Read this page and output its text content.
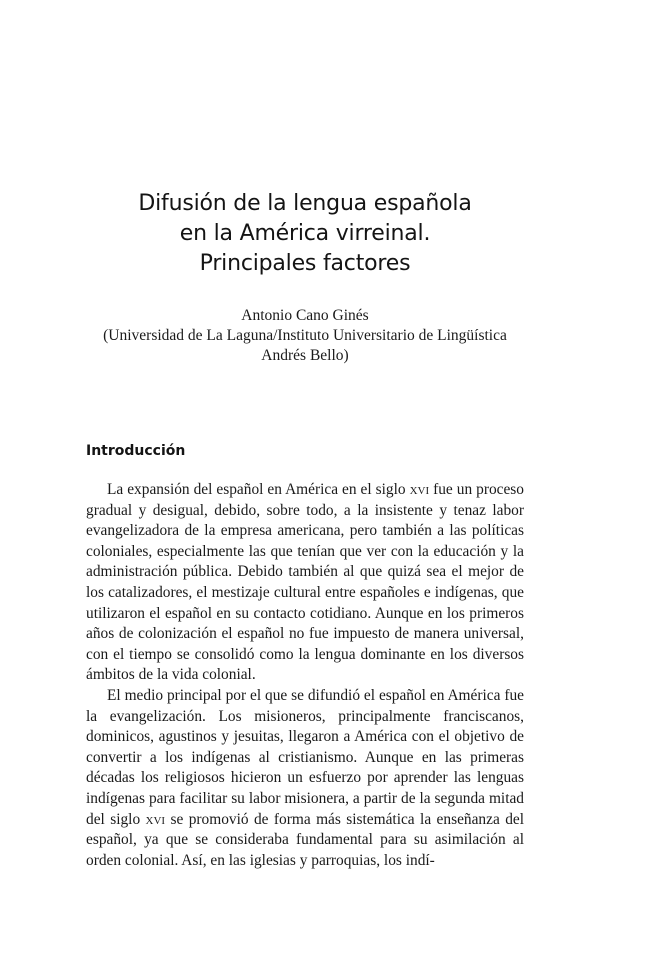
Difusión de la lengua española
en la América virreinal.
Principales factores
Antonio Cano Ginés
(Universidad de La Laguna/Instituto Universitario de Lingüística
Andrés Bello)
Introducción

La expansión del español en América en el siglo xvi fue un proceso gradual y desigual, debido, sobre todo, a la insistente y tenaz labor evangelizadora de la empresa americana, pero también a las políticas coloniales, especialmente las que tenían que ver con la educación y la administración pública. Debido también al que quizá sea el mejor de los catalizadores, el mestizaje cultural entre españoles e indígenas, que utilizaron el español en su contacto cotidiano. Aunque en los primeros años de colonización el español no fue impuesto de manera universal, con el tiempo se consolidó como la lengua dominante en los diversos ámbitos de la vida colonial.

El medio principal por el que se difundió el español en América fue la evangelización. Los misioneros, principalmente franciscanos, dominicos, agustinos y jesuitas, llegaron a América con el objetivo de convertir a los indígenas al cristianismo. Aunque en las primeras décadas los religiosos hicieron un esfuerzo por aprender las lenguas indígenas para facilitar su labor misionera, a partir de la segunda mitad del siglo xvi se promovió de forma más sistemática la enseñanza del español, ya que se consideraba fundamental para su asimilación al orden colonial. Así, en las iglesias y parroquias, los indí-
